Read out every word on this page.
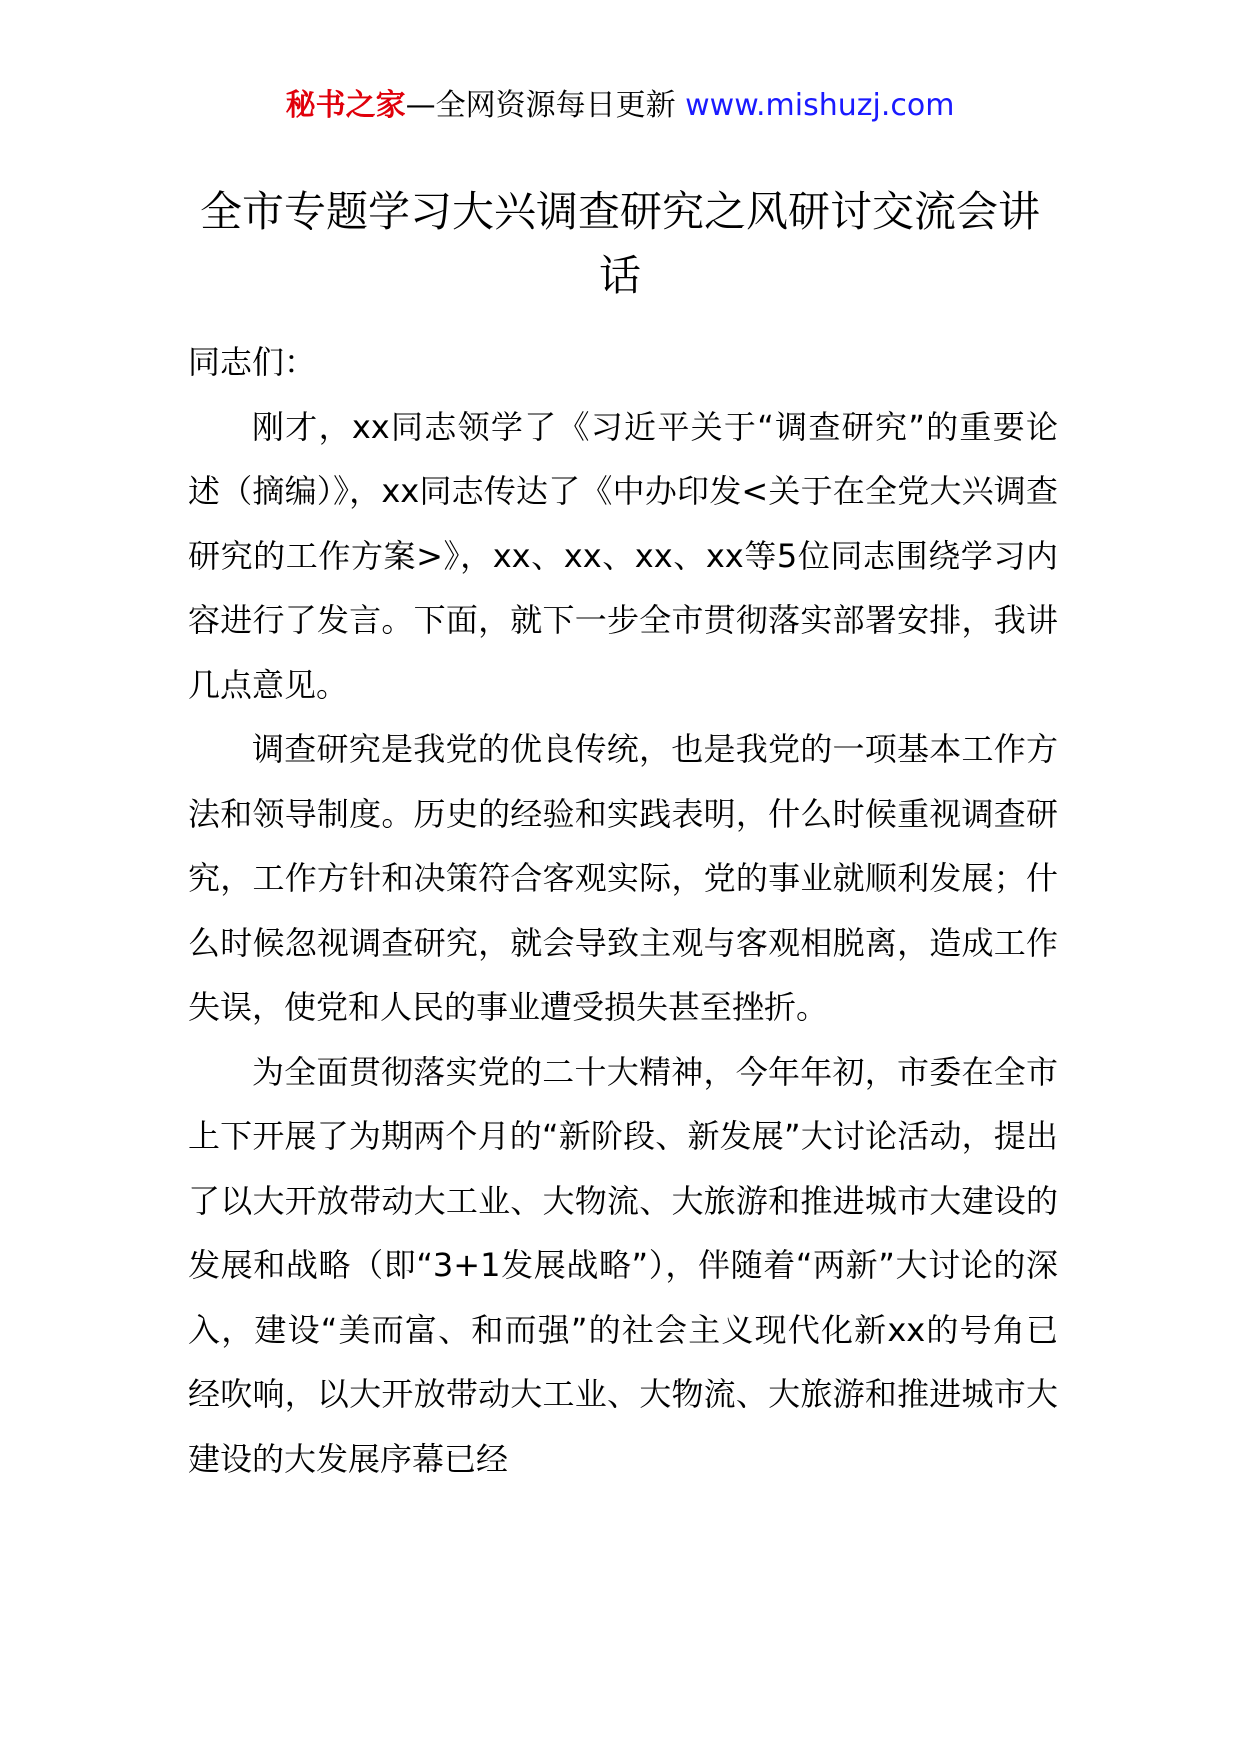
秘书之家—全网资源每日更新 www.mishuzj.com
全市专题学习大兴调查研究之风研讨交流会讲话

同志们：

刚才，xx同志领学了《习近平关于“调查研究”的重要论述（摘编）》，xx同志传达了《中办印发<关于在全党大兴调查研究的工作方案>》，xx、xx、xx、xx等5位同志围绕学习内容进行了发言。下面，就下一步全市贯彻落实部署安排，我讲几点意见。

调查研究是我党的优良传统，也是我党的一项基本工作方法和领导制度。历史的经验和实践表明，什么时候重视调查研究，工作方针和决策符合客观实际，党的事业就顺利发展；什么时候忽视调查研究，就会导致主观与客观相脱离，造成工作失误，使党和人民的事业遭受损失甚至挫折。

为全面贯彻落实党的二十大精神，今年年初，市委在全市上下开展了为期两个月的“新阶段、新发展”大讨论活动，提出了以大开放带动大工业、大物流、大旅游和推进城市大建设的发展和战略（即“3+1发展战略”），伴随着“两新”大讨论的深入，建设“美而富、和而强”的社会主义现代化新xx的号角已经吹响，以大开放带动大工业、大物流、大旅游和推进城市大建设的大发展序幕已经
